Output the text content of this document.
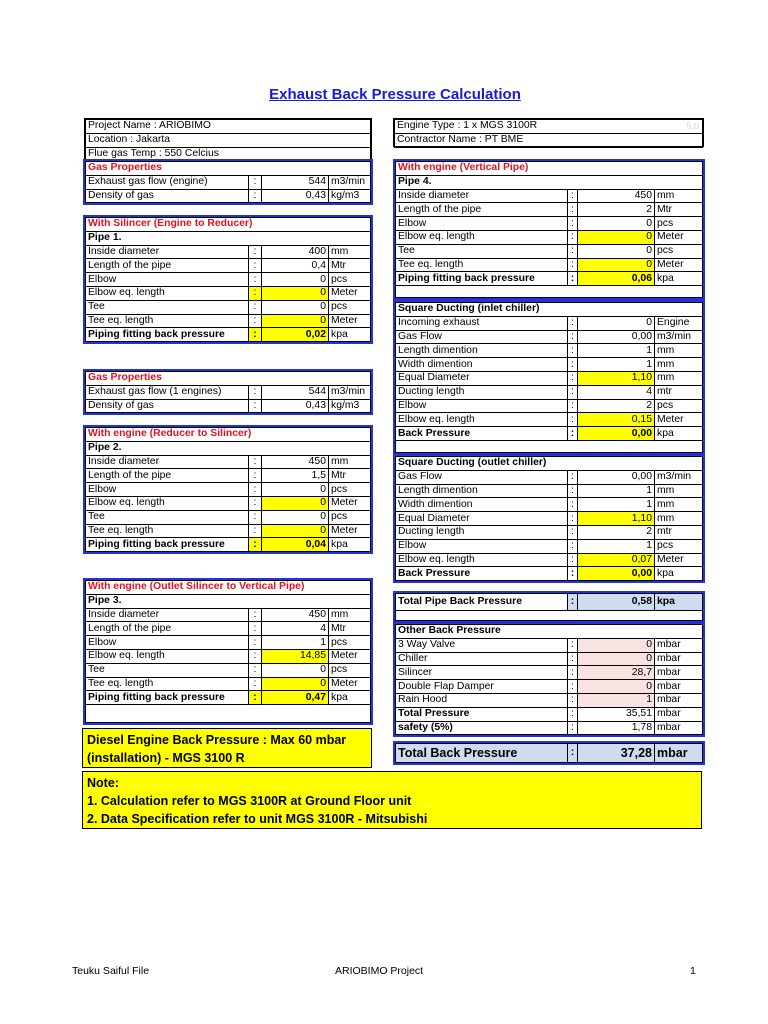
Exhaust Back Pressure Calculation
Project Name : ARIOBIMO
Location : Jakarta
Flue gas Temp : 550 Celcius
Engine Type : 1 x MGS 3100R
Contractor Name : PT BME
5.0
Gas Properties			
Exhaust gas flow (engine)	:	544	m3/min
Density of gas	:	0,43	kg/m3
With Silincer (Engine to Reducer)			
Pipe 1.			
Inside diameter	:	400	mm
Length of the pipe	:	0,4	Mtr
Elbow	:	0	pcs
Elbow eq. length	:	0	Meter
Tee	:	0	pcs
Tee eq. length	:	0	Meter
Piping fitting back pressure	:	0,02	kpa
Gas Properties			
Exhaust gas flow (1 engines)	:	544	m3/min
Density of gas	:	0,43	kg/m3
With engine (Reducer to Silincer)			
Pipe 2.			
Inside diameter	:	450	mm
Length of the pipe	:	1,5	Mtr
Elbow	:	0	pcs
Elbow eq. length	:	0	Meter
Tee	:	0	pcs
Tee eq. length	:	0	Meter
Piping fitting back pressure	:	0,04	kpa
With engine (Outlet Silincer to Vertical Pipe)			
Pipe 3.			
Inside diameter	:	450	mm
Length of the pipe	:	4	Mtr
Elbow	:	1	pcs
Elbow eq. length	:	14,85	Meter
Tee	:	0	pcs
Tee eq. length	:	0	Meter
Piping fitting back pressure	:	0,47	kpa

Diesel Engine Back Pressure : Max 60 mbar (installation) - MGS 3100 R
With engine (Vertical Pipe)			
Pipe 4.			
Inside diameter	:	450	mm
Length of the pipe	:	2	Mtr
Elbow	:	0	pcs
Elbow eq. length	:	0	Meter
Tee	:	0	pcs
Tee eq. length	:	0	Meter
Piping fitting back pressure	:	0,06	kpa

Square Ducting (inlet chiller)			
Incoming exhaust	:	0	Engine
Gas Flow	:	0,00	m3/min
Length dimention	:	1	mm
Width dimention	:	1	mm
Equal Diameter	:	1,10	mm
Ducting length	:	4	mtr
Elbow	:	2	pcs
Elbow eq. length	:	0,15	Meter
Back Pressure	:	0,00	kpa

Square Ducting (outlet chiller)			
Gas Flow	:	0,00	m3/min
Length dimention	:	1	mm
Width dimention	:	1	mm
Equal Diameter	:	1,10	mm
Ducting length	:	2	mtr
Elbow	:	1	pcs
Elbow eq. length	:	0,07	Meter
Back Pressure	:	0,00	kpa
Total Pipe Back Pressure	:	0,58	kpa

Other Back Pressure			
3 Way Valve	:	0	mbar
Chiller	:	0	mbar
Silincer	:	28,7	mbar
Double Flap Damper	:	0	mbar
Rain Hood	:	1	mbar
Total Pressure	:	35,51	mbar
safety (5%)	:	1,78	mbar
Total Back Pressure	:	37,28	mbar
Note:
1. Calculation refer to MGS 3100R at Ground Floor unit
2. Data Specification refer to unit MGS 3100R - Mitsubishi
Teuku Saiful File	ARIOBIMO Project	1
